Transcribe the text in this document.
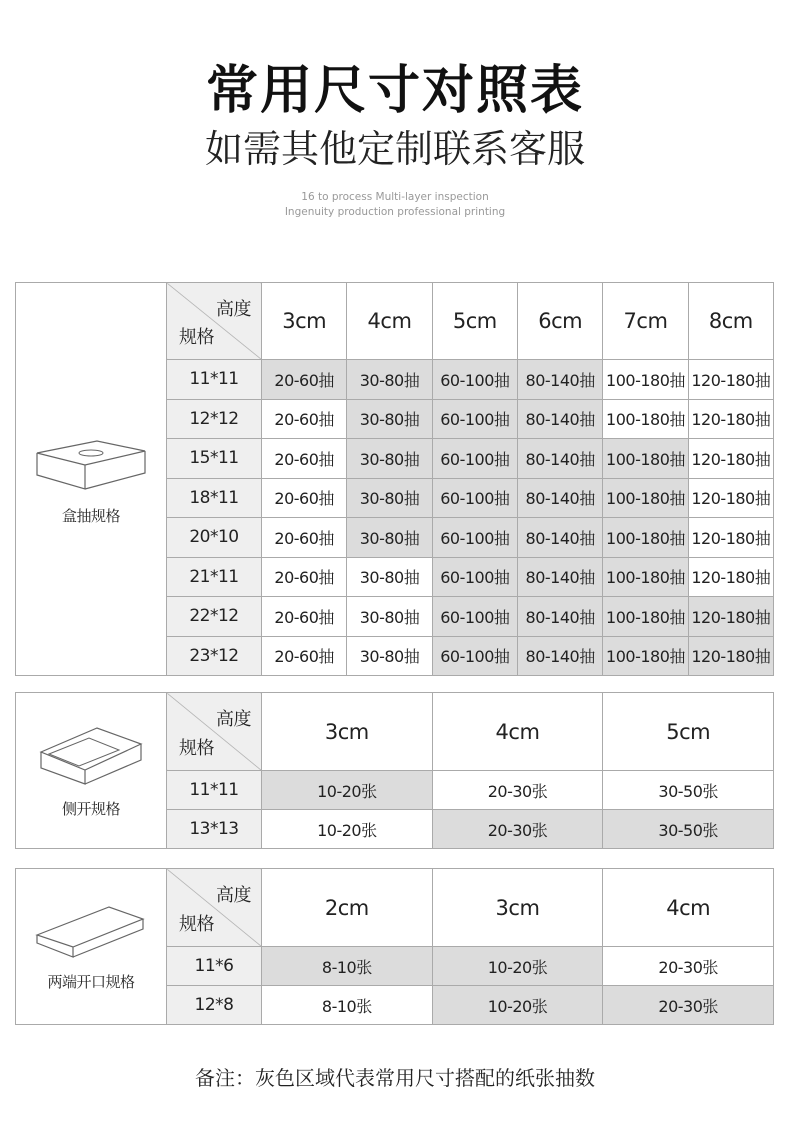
常用尺寸对照表
如需其他定制联系客服
16 to process Multi-layer inspection
Ingenuity production professional printing
盒抽规格	高度
规格	3cm	4cm	5cm	6cm	7cm	8cm
	11*11	20-60抽	30-80抽	60-100抽	80-140抽	100-180抽	120-180抽
	12*12	20-60抽	30-80抽	60-100抽	80-140抽	100-180抽	120-180抽
	15*11	20-60抽	30-80抽	60-100抽	80-140抽	100-180抽	120-180抽
	18*11	20-60抽	30-80抽	60-100抽	80-140抽	100-180抽	120-180抽
	20*10	20-60抽	30-80抽	60-100抽	80-140抽	100-180抽	120-180抽
	21*11	20-60抽	30-80抽	60-100抽	80-140抽	100-180抽	120-180抽
	22*12	20-60抽	30-80抽	60-100抽	80-140抽	100-180抽	120-180抽
	23*12	20-60抽	30-80抽	60-100抽	80-140抽	100-180抽	120-180抽
侧开规格	高度
规格	3cm	4cm	5cm
	11*11	10-20张	20-30张	30-50张
	13*13	10-20张	20-30张	30-50张
两端开口规格	高度
规格	2cm	3cm	4cm
	11*6	8-10张	10-20张	20-30张
	12*8	8-10张	10-20张	20-30张
备注：灰色区域代表常用尺寸搭配的纸张抽数
